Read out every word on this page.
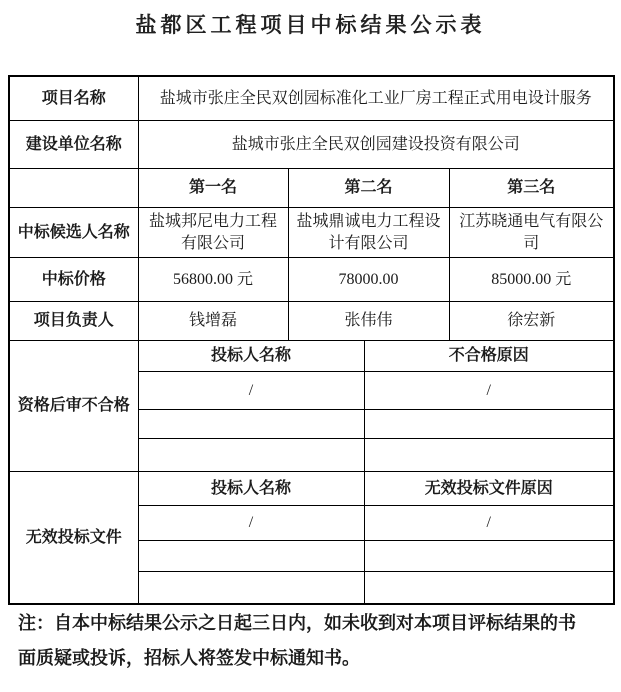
盐都区工程项目中标结果公示表
项目名称	盐城市张庄全民双创园标准化工业厂房工程正式用电设计服务			
建设单位名称	盐城市张庄全民双创园建设投资有限公司			
	第一名	第二名		第三名
中标候选人名称	盐城邦尼电力工程有限公司	盐城鼎诚电力工程设计有限公司		江苏晓通电气有限公司
中标价格	56800.00 元	78000.00		85000.00 元
项目负责人	钱增磊	张伟伟		徐宏新
资格后审不合格	投标人名称		不合格原因	
	/		/	

无效投标文件	投标人名称		无效投标文件原因	
	/		/	

注：自本中标结果公示之日起三日内，如未收到对本项目评标结果的书面质疑或投诉，招标人将签发中标通知书。
